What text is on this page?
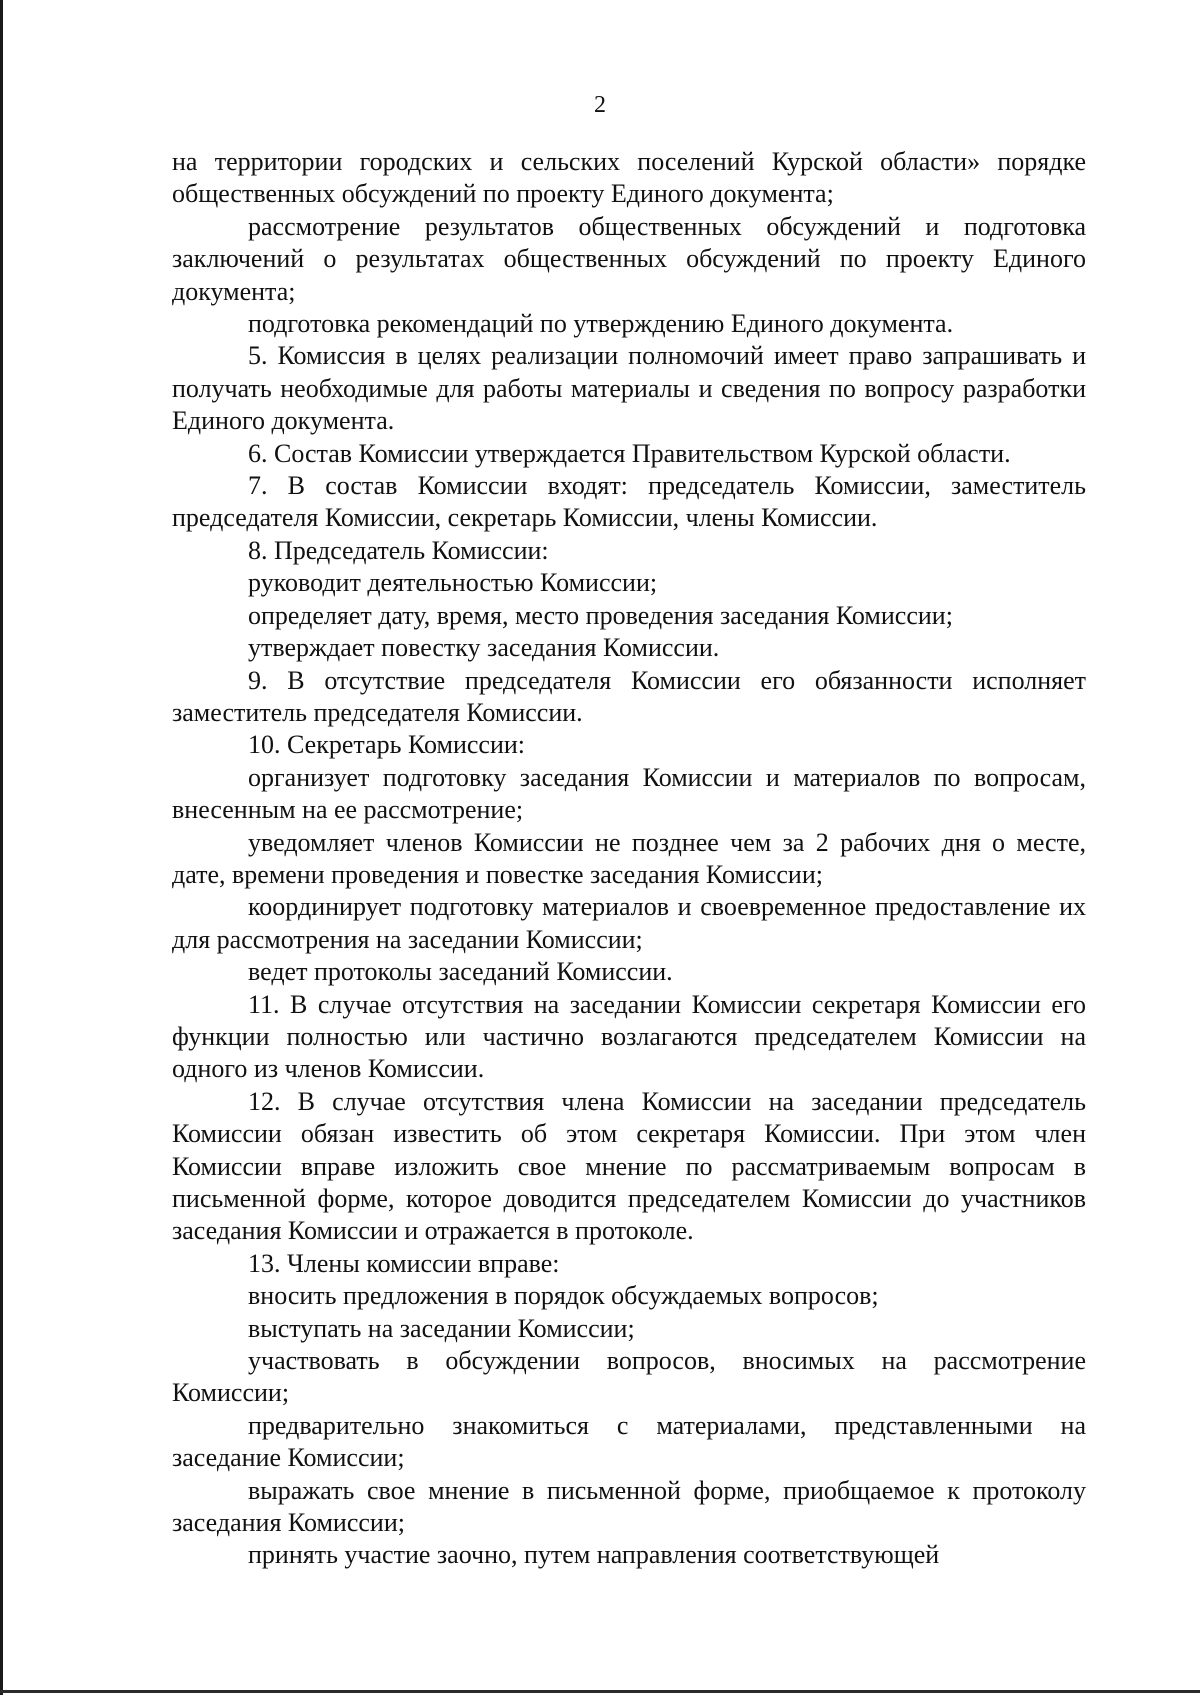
2

на территории городских и сельских поселений Курской области» порядке общественных обсуждений по проекту Единого документа;

рассмотрение результатов общественных обсуждений и подготовка заключений о результатах общественных обсуждений по проекту Единого документа;

подготовка рекомендаций по утверждению Единого документа.

5. Комиссия в целях реализации полномочий имеет право запрашивать и получать необходимые для работы материалы и сведения по вопросу разработки Единого документа.

6. Состав Комиссии утверждается Правительством Курской области.

7. В состав Комиссии входят: председатель Комиссии, заместитель председателя Комиссии, секретарь Комиссии, члены Комиссии.

8. Председатель Комиссии:

руководит деятельностью Комиссии;

определяет дату, время, место проведения заседания Комиссии;

утверждает повестку заседания Комиссии.

9. В отсутствие председателя Комиссии его обязанности исполняет заместитель председателя Комиссии.

10. Секретарь Комиссии:

организует подготовку заседания Комиссии и материалов по вопросам, внесенным на ее рассмотрение;

уведомляет членов Комиссии не позднее чем за 2 рабочих дня о месте, дате, времени проведения и повестке заседания Комиссии;

координирует подготовку материалов и своевременное предоставление их для рассмотрения на заседании Комиссии;

ведет протоколы заседаний Комиссии.

11. В случае отсутствия на заседании Комиссии секретаря Комиссии его функции полностью или частично возлагаются председателем Комиссии на одного из членов Комиссии.

12. В случае отсутствия члена Комиссии на заседании председатель Комиссии обязан известить об этом секретаря Комиссии. При этом член Комиссии вправе изложить свое мнение по рассматриваемым вопросам в письменной форме, которое доводится председателем Комиссии до участников заседания Комиссии и отражается в протоколе.

13. Члены комиссии вправе:

вносить предложения в порядок обсуждаемых вопросов;

выступать на заседании Комиссии;

участвовать в обсуждении вопросов, вносимых на рассмотрение Комиссии;

предварительно знакомиться с материалами, представленными на заседание Комиссии;

выражать свое мнение в письменной форме, приобщаемое к протоколу заседания Комиссии;

принять участие заочно, путем направления соответствующей
